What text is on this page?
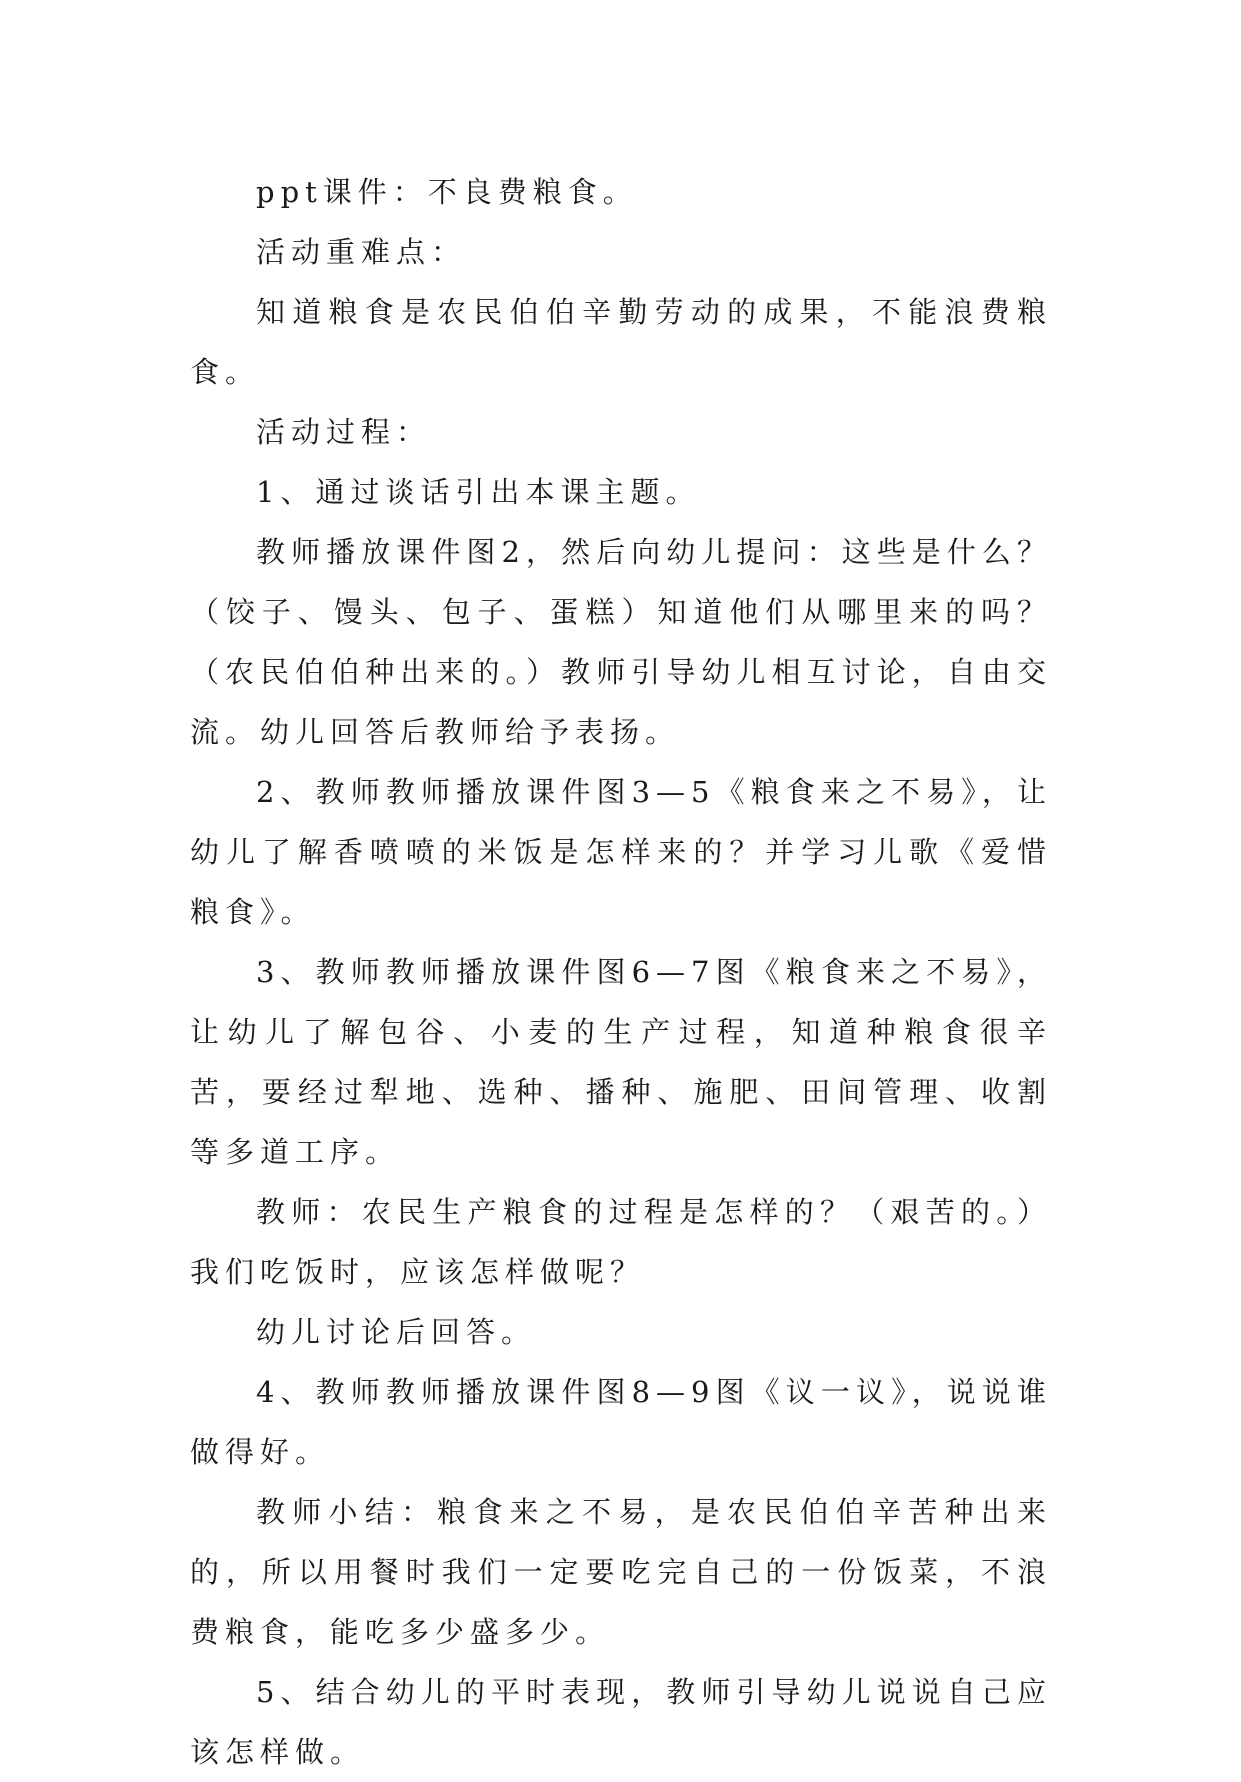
ppt课件：不良费粮食。

活动重难点：

知道粮食是农民伯伯辛勤劳动的成果，不能浪费粮食。

活动过程：

1、通过谈话引出本课主题。

教师播放课件图2，然后向幼儿提问：这些是什么？（饺子、馒头、包子、蛋糕）知道他们从哪里来的吗？（农民伯伯种出来的。）教师引导幼儿相互讨论，自由交流。幼儿回答后教师给予表扬。

2、教师教师播放课件图3—5《粮食来之不易》，让幼儿了解香喷喷的米饭是怎样来的？并学习儿歌《爱惜粮食》。

3、教师教师播放课件图6—7图《粮食来之不易》，让幼儿了解包谷、小麦的生产过程，知道种粮食很辛苦，要经过犁地、选种、播种、施肥、田间管理、收割等多道工序。

教师：农民生产粮食的过程是怎样的？（艰苦的。）我们吃饭时，应该怎样做呢？

幼儿讨论后回答。

4、教师教师播放课件图8—9图《议一议》，说说谁做得好。

教师小结：粮食来之不易，是农民伯伯辛苦种出来的，所以用餐时我们一定要吃完自己的一份饭菜，不浪费粮食，能吃多少盛多少。

5、结合幼儿的平时表现，教师引导幼儿说说自己应该怎样做。
